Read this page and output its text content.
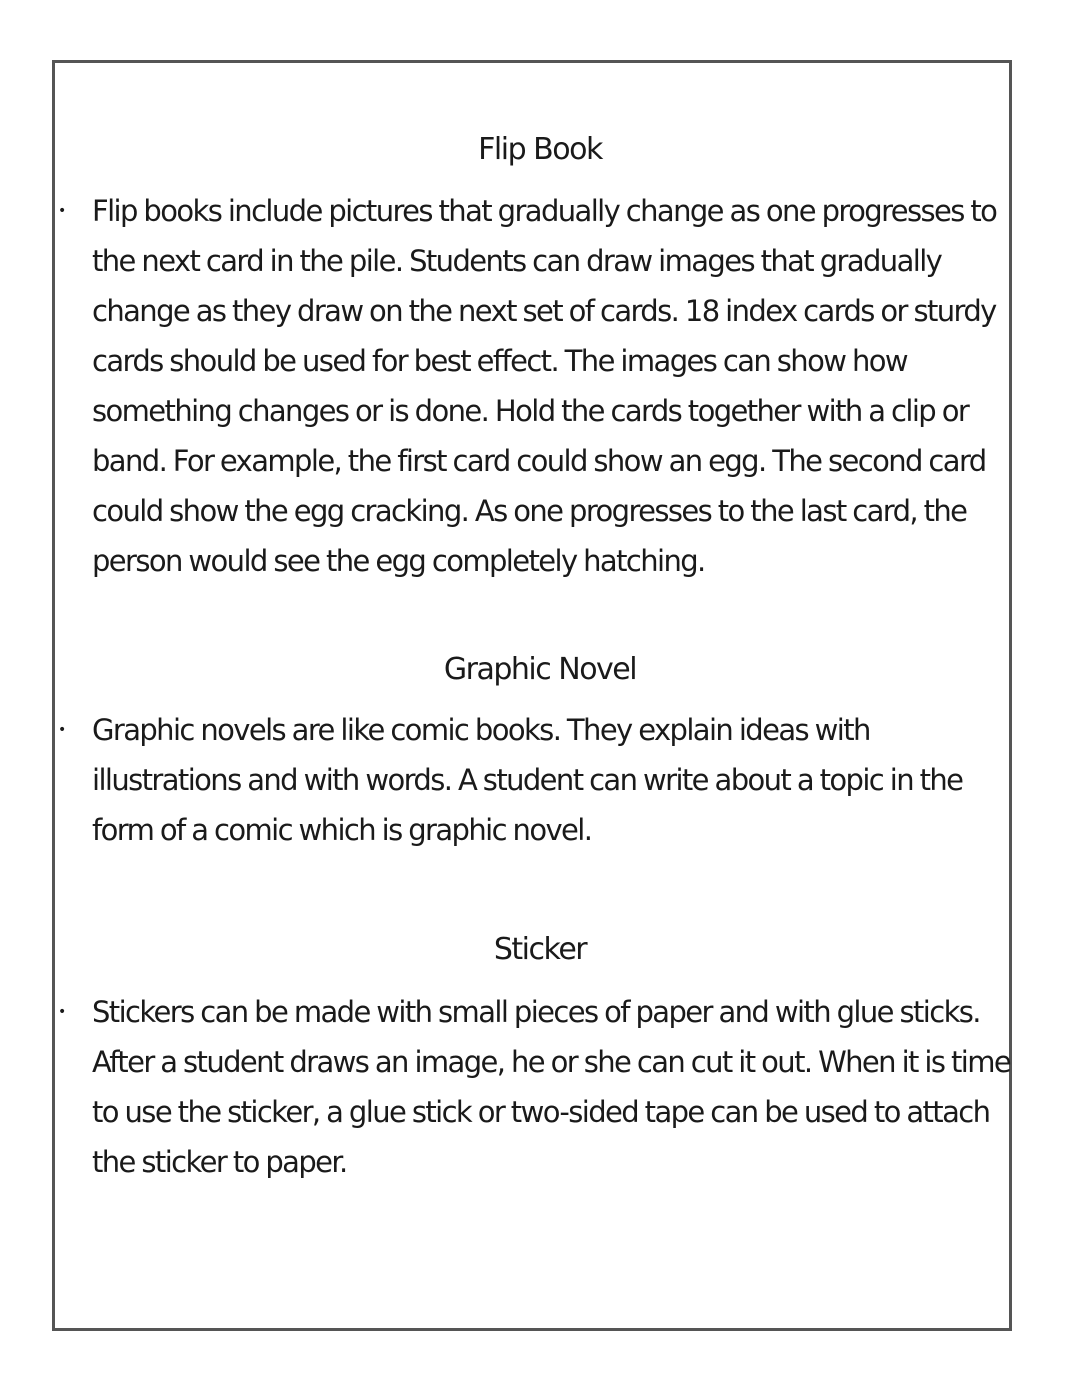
Flip Book
• Flip books include pictures that gradually change as one progresses to the next card in the pile. Students can draw images that gradually change as they draw on the next set of cards. 18 index cards or sturdy cards should be used for best effect. The images can show how something changes or is done. Hold the cards together with a clip or band. For example, the first card could show an egg. The second card could show the egg cracking. As one progresses to the last card, the person would see the egg completely hatching.

Graphic Novel
• Graphic novels are like comic books. They explain ideas with illustrations and with words. A student can write about a topic in the form of a comic which is graphic novel.

Sticker
• Stickers can be made with small pieces of paper and with glue sticks. After a student draws an image, he or she can cut it out. When it is time to use the sticker, a glue stick or two-sided tape can be used to attach the sticker to paper.
